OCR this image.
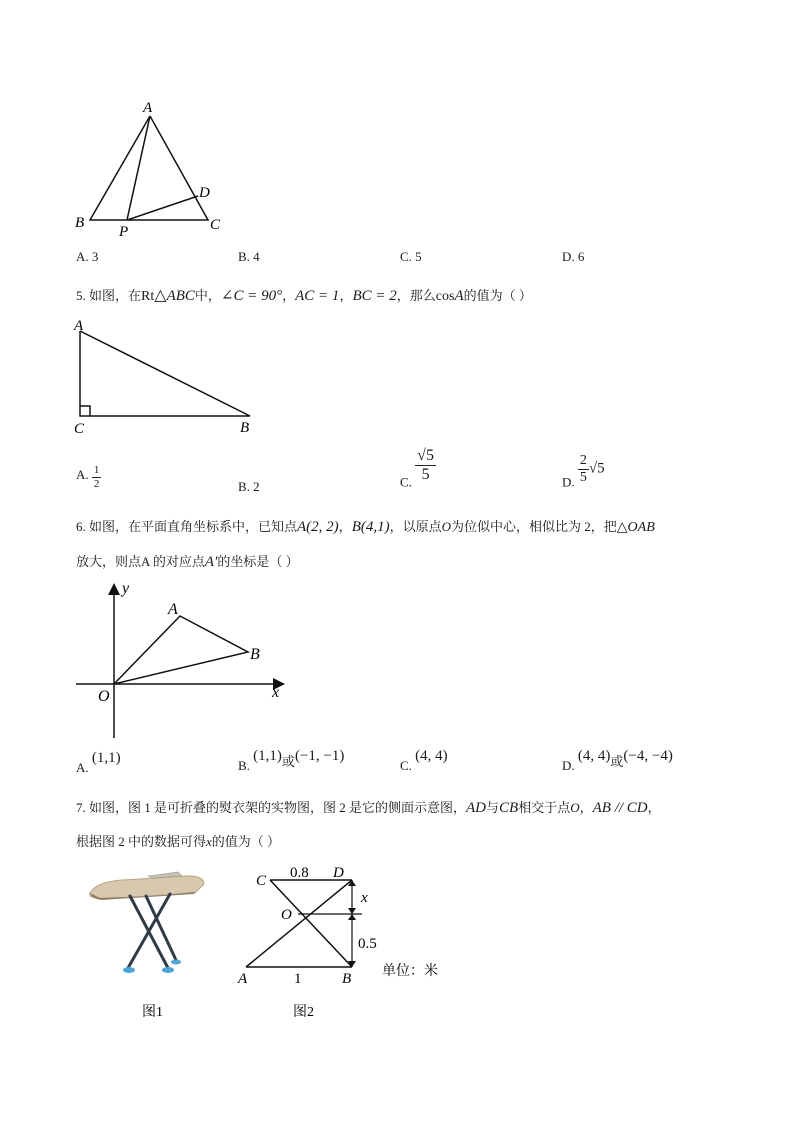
A
B
P	C
D
A. 3	B. 4	C. 5	D. 6
5. 如图，在Rt△ABC中，∠C = 90°，AC = 1，BC = 2，那么cosA的值为（ ）
A
C	B
A. $\frac{1}{2}$	B. 2	C. $\frac{√5}{5}$	D. $\frac{2}{5} √5$
6. 如图，在平面直角坐标系中，已知点A(2, 2)，B(4,1)，以原点O为位似中心，相似比为 2，把△OAB
放大，则点A 的对应点A′的坐标是（ ）
y
x
O
A
B
A. (1,1)	B. (1,1)或(−1, −1)
C. (4, 4)
D. (4, 4)或(−4, −4)
7. 如图，图 1 是可折叠的熨衣架的实物图，图 2 是它的侧面示意图，AD与CB相交于点O，AB // CD，
根据图 2 中的数据可得x的值为（ ）
图1
C 0.8 D
O
x
0.5
A	1	B 单位：米
图2
